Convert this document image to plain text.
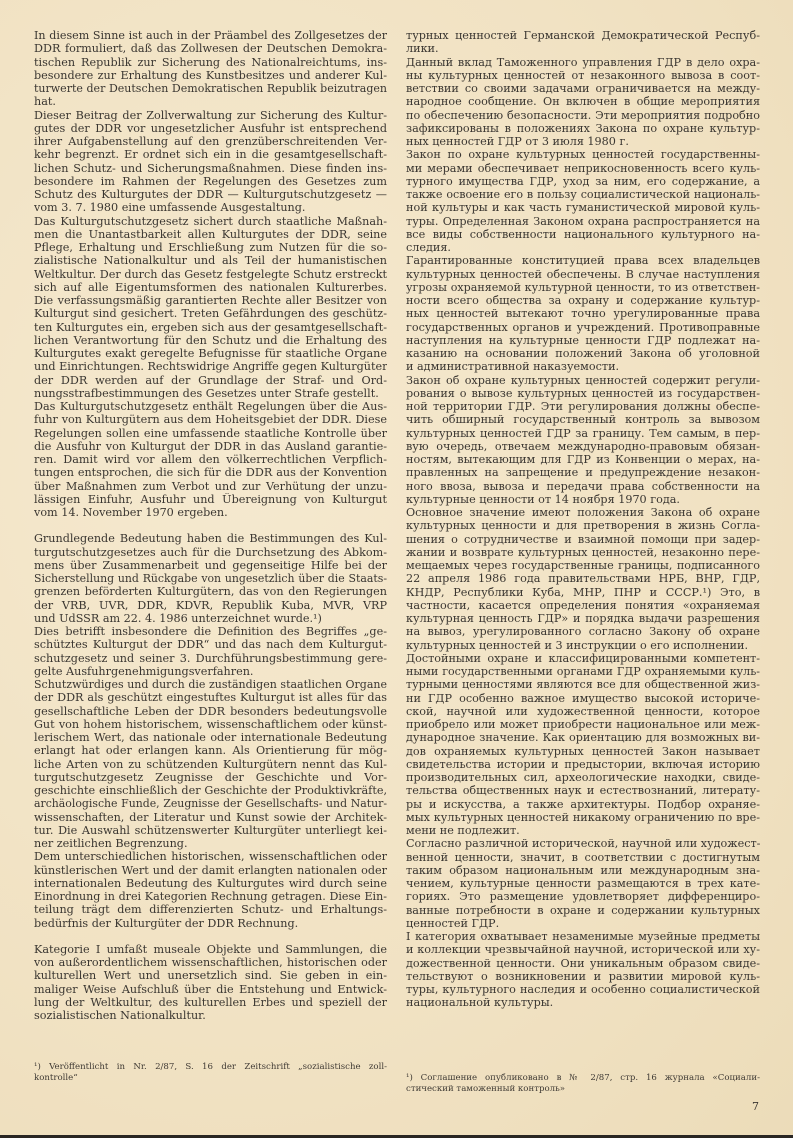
In diesem Sinne ist auch in der Präambel des Zollgesetzes der
DDR formuliert, daß das Zollwesen der Deutschen Demokra-
tischen Republik zur Sicherung des Nationalreichtums, ins-
besondere zur Erhaltung des Kunstbesitzes und anderer Kul-
turwerte der Deutschen Demokratischen Republik beizutragen
hat.
Dieser Beitrag der Zollverwaltung zur Sicherung des Kultur-
gutes der DDR vor ungesetzlicher Ausfuhr ist entsprechend
ihrer Aufgabenstellung auf den grenzüberschreitenden Ver-
kehr begrenzt. Er ordnet sich ein in die gesamtgesellschaft-
lichen Schutz- und Sicherungsmaßnahmen. Diese finden ins-
besondere im Rahmen der Regelungen des Gesetzes zum
Schutz des Kulturgutes der DDR — Kulturgutschutzgesetz —
vom 3. 7. 1980 eine umfassende Ausgestaltung.
Das Kulturgutschutzgesetz sichert durch staatliche Maßnah-
men die Unantastbarkeit allen Kulturgutes der DDR, seine
Pflege, Erhaltung und Erschließung zum Nutzen für die so-
zialistische Nationalkultur und als Teil der humanistischen
Weltkultur. Der durch das Gesetz festgelegte Schutz erstreckt
sich auf alle Eigentumsformen des nationalen Kulturerbes.
Die verfassungsmäßig garantierten Rechte aller Besitzer von
Kulturgut sind gesichert. Treten Gefährdungen des geschütz-
ten Kulturgutes ein, ergeben sich aus der gesamtgesellschaft-
lichen Verantwortung für den Schutz und die Erhaltung des
Kulturgutes exakt geregelte Befugnisse für staatliche Organe
und Einrichtungen. Rechtswidrige Angriffe gegen Kulturgüter
der DDR werden auf der Grundlage der Straf- und Ord-
nungsstrafbestimmungen des Gesetzes unter Strafe gestellt.
Das Kulturgutschutzgesetz enthält Regelungen über die Aus-
fuhr von Kulturgütern aus dem Hoheitsgebiet der DDR. Diese
Regelungen sollen eine umfassende staatliche Kontrolle über
die Ausfuhr von Kulturgut der DDR in das Ausland garantie-
ren. Damit wird vor allem den völkerrechtlichen Verpflich-
tungen entsprochen, die sich für die DDR aus der Konvention
über Maßnahmen zum Verbot und zur Verhütung der unzu-
lässigen Einfuhr, Ausfuhr und Übereignung von Kulturgut
vom 14. November 1970 ergeben.
Grundlegende Bedeutung haben die Bestimmungen des Kul-
turgutschutzgesetzes auch für die Durchsetzung des Abkom-
mens über Zusammenarbeit und gegenseitige Hilfe bei der
Sicherstellung und Rückgabe von ungesetzlich über die Staats-
grenzen beförderten Kulturgütern, das von den Regierungen
der VRB, UVR, DDR, KDVR, Republik Kuba, MVR, VRP
und UdSSR am 22. 4. 1986 unterzeichnet wurde.¹)
Dies betrifft insbesondere die Definition des Begriffes „ge-
schütztes Kulturgut der DDR“ und das nach dem Kulturgut-
schutzgesetz und seiner 3. Durchführungsbestimmung gere-
gelte Ausfuhrgenehmigungsverfahren.
Schutzwürdiges und durch die zuständigen staatlichen Organe
der DDR als geschützt eingestuftes Kulturgut ist alles für das
gesellschaftliche Leben der DDR besonders bedeutungsvolle
Gut von hohem historischem, wissenschaftlichem oder künst-
lerischem Wert, das nationale oder internationale Bedeutung
erlangt hat oder erlangen kann. Als Orientierung für mög-
liche Arten von zu schützenden Kulturgütern nennt das Kul-
turgutschutzgesetz Zeugnisse der Geschichte und Vor-
geschichte einschließlich der Geschichte der Produktivkräfte,
archäologische Funde, Zeugnisse der Gesellschafts- und Natur-
wissenschaften, der Literatur und Kunst sowie der Architek-
tur. Die Auswahl schützenswerter Kulturgüter unterliegt kei-
ner zeitlichen Begrenzung.
Dem unterschiedlichen historischen, wissenschaftlichen oder
künstlerischen Wert und der damit erlangten nationalen oder
internationalen Bedeutung des Kulturgutes wird durch seine
Einordnung in drei Kategorien Rechnung getragen. Diese Ein-
teilung trägt dem differenzierten Schutz- und Erhaltungs-
bedürfnis der Kulturgüter der DDR Rechnung.
Kategorie I umfaßt museale Objekte und Sammlungen, die
von außerordentlichem wissenschaftlichen, historischen oder
kulturellen Wert und unersetzlich sind. Sie geben in ein-
maliger Weise Aufschluß über die Entstehung und Entwick-
lung der Weltkultur, des kulturellen Erbes und speziell der
sozialistischen Nationalkultur.
турных ценностей Германской Демократической Респуб-
лики.
Данный вклад Таможенного управления ГДР в дело охра-
ны культурных ценностей от незаконного вывоза в соот-
ветствии со своими задачами ограничивается на между-
народное сообщение. Он включен в общие мероприятия
по обеспечению безопасности. Эти мероприятия подробно
зафиксированы в положениях Закона по охране культур-
ных ценностей ГДР от 3 июля 1980 г.
Закон по охране культурных ценностей государственны-
ми мерами обеспечивает неприкосновенность всего куль-
турного имущества ГДР, уход за ним, его содержание, а
также освоение его в пользу социалистической националь-
ной культуры и как часть гуманистической мировой куль-
туры. Определенная Законом охрана распространяется на
все виды собственности национального культурного на-
следия.
Гарантированные конституцией права всех владельцев
культурных ценностей обеспечены. В случае наступления
угрозы охраняемой культурной ценности, то из ответствен-
ности всего общества за охрану и содержание культур-
ных ценностей вытекают точно урегулированные права
государственных органов и учреждений. Противоправные
наступления на культурные ценности ГДР подлежат на-
казанию на основании положений Закона об уголовной
и административной наказуемости.
Закон об охране культурных ценностей содержит регули-
рования о вывозе культурных ценностей из государствен-
ной территории ГДР. Эти регулирования должны обеспе-
чить обширный государственный контроль за вывозом
культурных ценностей ГДР за границу. Тем самым, в пер-
вую очередь, отвечаем международно-правовым обязан-
ностям, вытекающим для ГДР из Конвенции о мерах, на-
правленных на запрещение и предупреждение незакон-
ного ввоза, вывоза и передачи права собственности на
культурные ценности от 14 ноября 1970 года.
Основное значение имеют положения Закона об охране
культурных ценности и для претворения в жизнь Согла-
шения о сотрудничестве и взаимной помощи при задер-
жании и возврате культурных ценностей, незаконно пере-
мещаемых через государственные границы, подписанного
22 апреля 1986 года правительствами НРБ, ВНР, ГДР,
КНДР, Республики Куба, МНР, ПНР и СССР.¹) Это, в
частности, касается определения понятия «охраняемая
культурная ценность ГДР» и порядка выдачи разрешения
на вывоз, урегулированного согласно Закону об охране
культурных ценностей и 3 инструкции о его исполнении.
Достойными охране и классифицированными компетент-
ными государственными органами ГДР охраняемыми куль-
турными ценностями являются все для общественной жиз-
ни ГДР особенно важное имущество высокой историче-
ской, научной или художественной ценности, которое
приобрело или может приобрести национальное или меж-
дународное значение. Как ориентацию для возможных ви-
дов охраняемых культурных ценностей Закон называет
свидетельства истории и предыстории, включая историю
производительных сил, археологические находки, свиде-
тельства общественных наук и естествознаний, литерату-
ры и искусства, а также архитектуры. Подбор охраняе-
мых культурных ценностей никакому ограничению по вре-
мени не подлежит.
Согласно различной исторической, научной или художест-
венной ценности, значит, в соответствии с достигнутым
таким образом национальным или международным зна-
чением, культурные ценности размещаются в трех кате-
гориях. Это размещение удовлетворяет дифференциро-
ванные потребности в охране и содержании культурных
ценностей ГДР.
I категория охватывает незаменимые музейные предметы
и коллекции чрезвычайной научной, исторической или ху-
дожественной ценности. Они уникальным образом свиде-
тельствуют о возникновении и развитии мировой куль-
туры, культурного наследия и особенно социалистической
национальной культуры.
¹) Veröffentlicht in Nr. 2/87, S. 16 der Zeitschrift „sozialistische zoll-
kontrolle“	¹) Соглашение опубликовано в № 2/87, стр. 16 журнала «Социали-
стический таможенный контроль»
7
